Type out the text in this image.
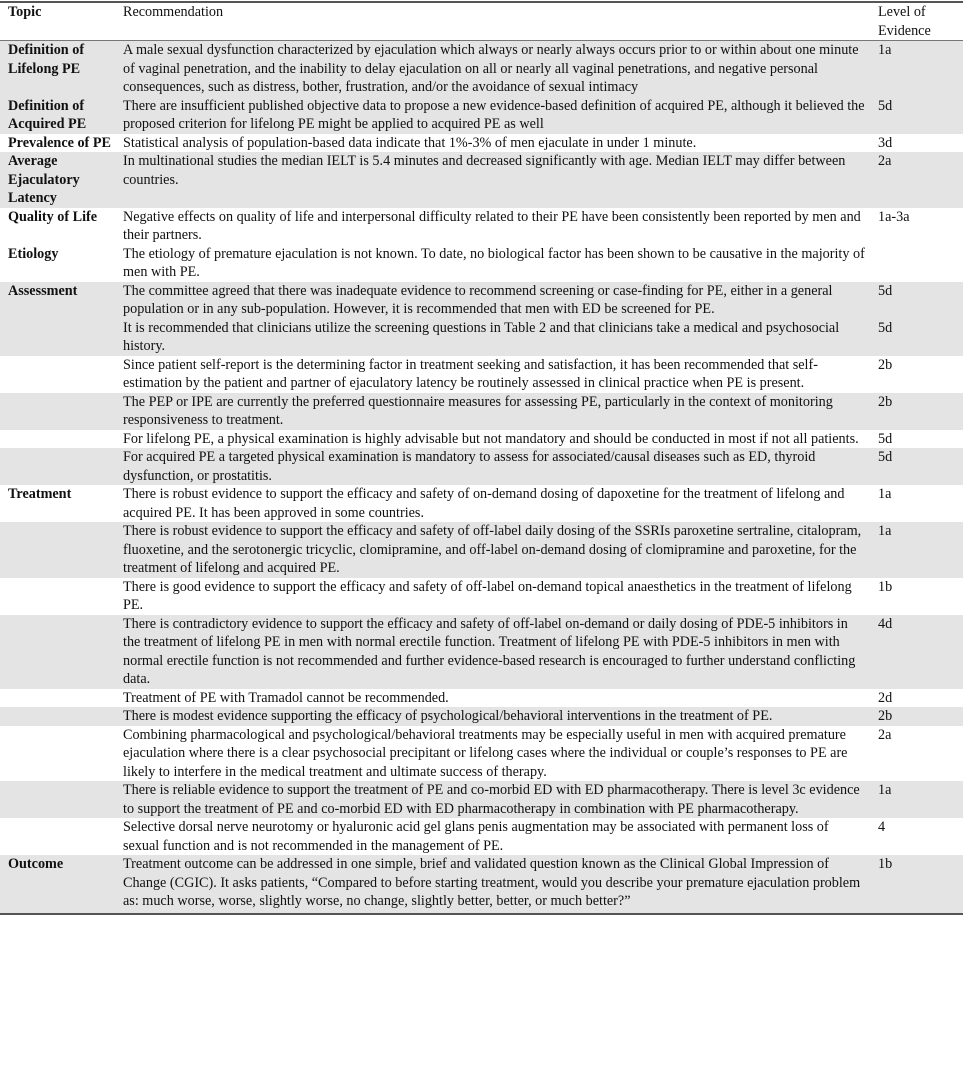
Topic	Recommendation	Level of Evidence
Definition of Lifelong PE	A male sexual dysfunction characterized by ejaculation which always or nearly always occurs prior to or within about one minute of vaginal penetration, and the inability to delay ejaculation on all or nearly all vaginal penetrations, and negative personal consequences, such as distress, bother, frustration, and/or the avoidance of sexual intimacy	1a
Definition of Acquired PE	There are insufficient published objective data to propose a new evidence-based definition of acquired PE, although it believed the proposed criterion for lifelong PE might be applied to acquired PE as well	5d
Prevalence of PE	Statistical analysis of population-based data indicate that 1%-3% of men ejaculate in under 1 minute.	3d
Average Ejaculatory Latency	In multinational studies the median IELT is 5.4 minutes and decreased significantly with age. Median IELT may differ between countries.	2a
Quality of Life	Negative effects on quality of life and interpersonal difficulty related to their PE have been consistently been reported by men and their partners.	1a-3a
Etiology	The etiology of premature ejaculation is not known. To date, no biological factor has been shown to be causative in the majority of men with PE.	
Assessment	The committee agreed that there was inadequate evidence to recommend screening or case-finding for PE, either in a general population or in any sub-population. However, it is recommended that men with ED be screened for PE.	5d
	It is recommended that clinicians utilize the screening questions in Table 2 and that clinicians take a medical and psychosocial history.	5d
	Since patient self-report is the determining factor in treatment seeking and satisfaction, it has been recommended that self-estimation by the patient and partner of ejaculatory latency be routinely assessed in clinical practice when PE is present.	2b
	The PEP or IPE are currently the preferred questionnaire measures for assessing PE, particularly in the context of monitoring responsiveness to treatment.	2b
	For lifelong PE, a physical examination is highly advisable but not mandatory and should be conducted in most if not all patients.	5d
	For acquired PE a targeted physical examination is mandatory to assess for associated/causal diseases such as ED, thyroid dysfunction, or prostatitis.	5d
Treatment	There is robust evidence to support the efficacy and safety of on-demand dosing of dapoxetine for the treatment of lifelong and acquired PE. It has been approved in some countries.	1a
	There is robust evidence to support the efficacy and safety of off-label daily dosing of the SSRIs paroxetine sertraline, citalopram, fluoxetine, and the serotonergic tricyclic, clomipramine, and off-label on-demand dosing of clomipramine and paroxetine, for the treatment of lifelong and acquired PE.	1a
	There is good evidence to support the efficacy and safety of off-label on-demand topical anaesthetics in the treatment of lifelong PE.	1b
	There is contradictory evidence to support the efficacy and safety of off-label on-demand or daily dosing of PDE-5 inhibitors in the treatment of lifelong PE in men with normal erectile function. Treatment of lifelong PE with PDE-5 inhibitors in men with normal erectile function is not recommended and further evidence-based research is encouraged to further understand conflicting data.	4d
	Treatment of PE with Tramadol cannot be recommended.	2d
	There is modest evidence supporting the efficacy of psychological/behavioral interventions in the treatment of PE.	2b
	Combining pharmacological and psychological/behavioral treatments may be especially useful in men with acquired premature ejaculation where there is a clear psychosocial precipitant or lifelong cases where the individual or couple’s responses to PE are likely to interfere in the medical treatment and ultimate success of therapy.	2a
	There is reliable evidence to support the treatment of PE and co-morbid ED with ED pharmacotherapy. There is level 3c evidence to support the treatment of PE and co-morbid ED with ED pharmacotherapy in combination with PE pharmacotherapy.	1a
	Selective dorsal nerve neurotomy or hyaluronic acid gel glans penis augmentation may be associated with permanent loss of sexual function and is not recommended in the management of PE.	4
Outcome	Treatment outcome can be addressed in one simple, brief and validated question known as the Clinical Global Impression of Change (CGIC). It asks patients, “Compared to before starting treatment, would you describe your premature ejaculation problem as: much worse, worse, slightly worse, no change, slightly better, better, or much better?”	1b
